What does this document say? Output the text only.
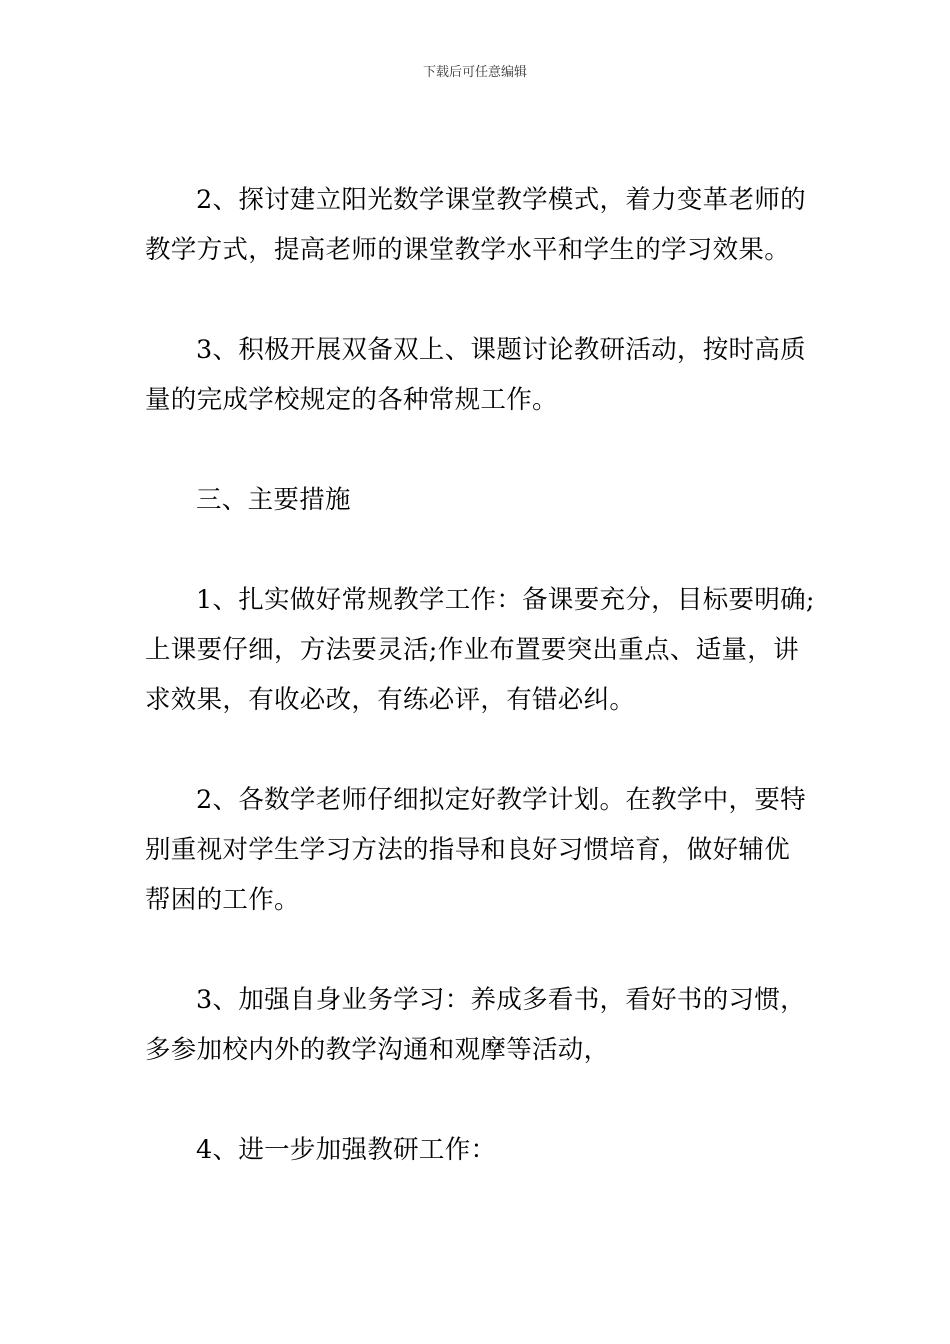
下载后可任意编辑

2、探讨建立阳光数学课堂教学模式，着力变革老师的教学方式，提高老师的课堂教学水平和学生的学习效果。

3、积极开展双备双上、课题讨论教研活动，按时高质量的完成学校规定的各种常规工作。

三、主要措施

1、扎实做好常规教学工作：备课要充分，目标要明确;上课要仔细，方法要灵活;作业布置要突出重点、适量，讲求效果，有收必改，有练必评，有错必纠。

2、各数学老师仔细拟定好教学计划。在教学中，要特别重视对学生学习方法的指导和良好习惯培育，做好辅优帮困的工作。

3、加强自身业务学习：养成多看书，看好书的习惯，多参加校内外的教学沟通和观摩等活动，

4、进一步加强教研工作：
